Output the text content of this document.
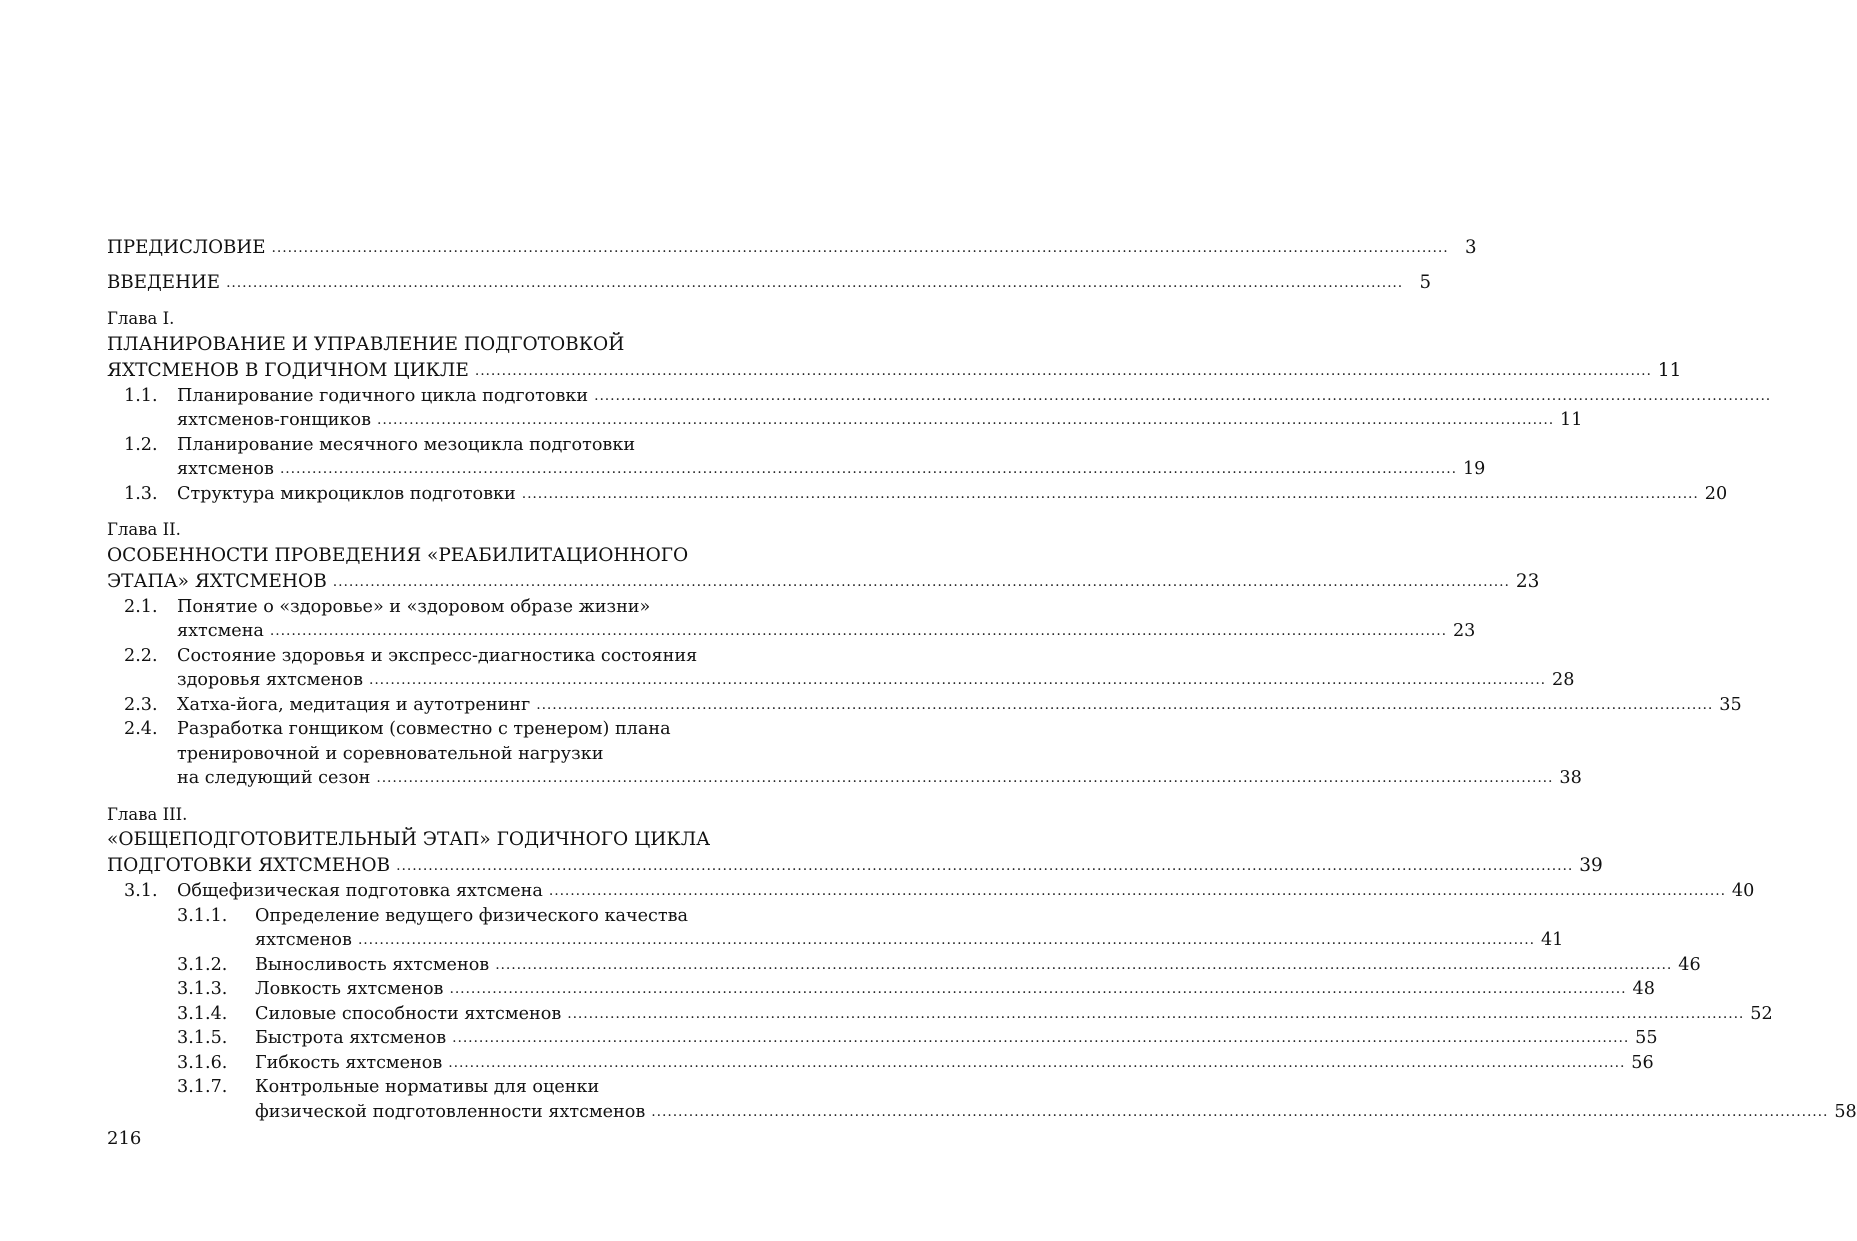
ПРЕДИСЛОВИЕ ............................................................................................................................................................................................................................ 3
ВВЕДЕНИЕ ............................................................................................................................................................................................................................ 5
Глава I.
ПЛАНИРОВАНИЕ И УПРАВЛЕНИЕ ПОДГОТОВКОЙ
ЯХТСМЕНОВ В ГОДИЧНОМ ЦИКЛЕ ............................................................................................................................................................................................................................ 11
1.1. Планирование годичного цикла подготовки ............................................................................................................................................................................................................................
яхтсменов-гонщиков ............................................................................................................................................................................................................................ 11
1.2. Планирование месячного мезоцикла подготовки
яхтсменов ............................................................................................................................................................................................................................ 19
1.3. Структура микроциклов подготовки ............................................................................................................................................................................................................................ 20
Глава II.
ОСОБЕННОСТИ ПРОВЕДЕНИЯ «РЕАБИЛИТАЦИОННОГО
ЭТАПА» ЯХТСМЕНОВ ............................................................................................................................................................................................................................ 23
2.1. Понятие о «здоровье» и «здоровом образе жизни»
яхтсмена ............................................................................................................................................................................................................................ 23
2.2. Состояние здоровья и экспресс-диагностика состояния
здоровья яхтсменов ............................................................................................................................................................................................................................ 28
2.3. Хатха-йога, медитация и аутотренинг ............................................................................................................................................................................................................................ 35
2.4. Разработка гонщиком (совместно с тренером) плана
тренировочной и соревновательной нагрузки
на следующий сезон ............................................................................................................................................................................................................................ 38
Глава III.
«ОБЩЕПОДГОТОВИТЕЛЬНЫЙ ЭТАП» ГОДИЧНОГО ЦИКЛА
ПОДГОТОВКИ ЯХТСМЕНОВ ............................................................................................................................................................................................................................ 39
3.1. Общефизическая подготовка яхтсмена ............................................................................................................................................................................................................................ 40
3.1.1. Определение ведущего физического качества
яхтсменов ............................................................................................................................................................................................................................ 41
3.1.2. Выносливость яхтсменов ............................................................................................................................................................................................................................ 46
3.1.3. Ловкость яхтсменов ............................................................................................................................................................................................................................ 48
3.1.4. Силовые способности яхтсменов ............................................................................................................................................................................................................................ 52
3.1.5. Быстрота яхтсменов ............................................................................................................................................................................................................................ 55
3.1.6. Гибкость яхтсменов ............................................................................................................................................................................................................................ 56
3.1.7. Контрольные нормативы для оценки
физической подготовленности яхтсменов ............................................................................................................................................................................................................................ 58
216
